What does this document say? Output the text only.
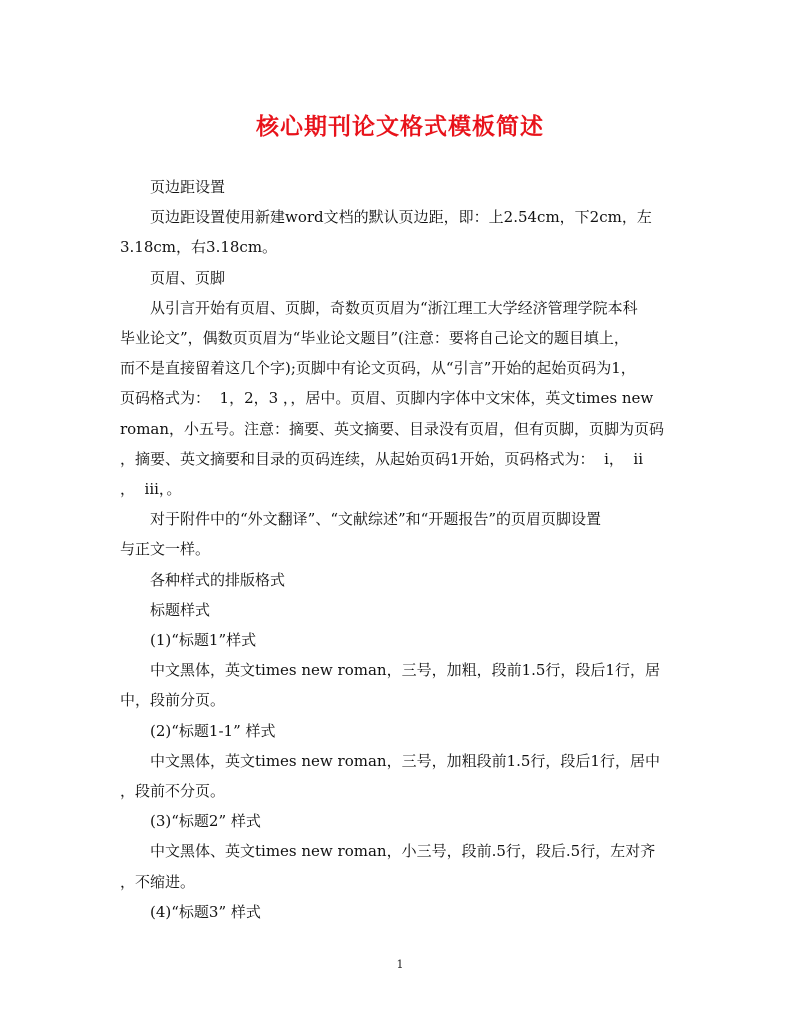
核心期刊论文格式模板简述

页边距设置

页边距设置使用新建word文档的默认页边距，即：上2.54cm，下2cm，左

3.18cm，右3.18cm。

页眉、页脚

从引言开始有页眉、页脚，奇数页页眉为“浙江理工大学经济管理学院本科

毕业论文”，偶数页页眉为“毕业论文题目”(注意：要将自己论文的题目填上，

而不是直接留着这几个字);页脚中有论文页码，从“引言”开始的起始页码为1，

页码格式为：  1，2，3 ，，居中。页眉、页脚内字体中文宋体，英文times new

roman，小五号。注意：摘要、英文摘要、目录没有页眉，但有页脚，页脚为页码

，摘要、英文摘要和目录的页码连续，从起始页码1开始，页码格式为：  i，  ii

，  iii，。

对于附件中的“外文翻译”、“文献综述”和“开题报告”的页眉页脚设置

与正文一样。

各种样式的排版格式

标题样式

(1)“标题1”样式

中文黑体，英文times new roman，三号，加粗，段前1.5行，段后1行，居

中，段前分页。

(2)“标题1-1” 样式

中文黑体，英文times new roman，三号，加粗段前1.5行，段后1行，居中

，段前不分页。

(3)“标题2” 样式

中文黑体、英文times new roman，小三号，段前.5行，段后.5行，左对齐

，不缩进。

(4)“标题3” 样式

1
